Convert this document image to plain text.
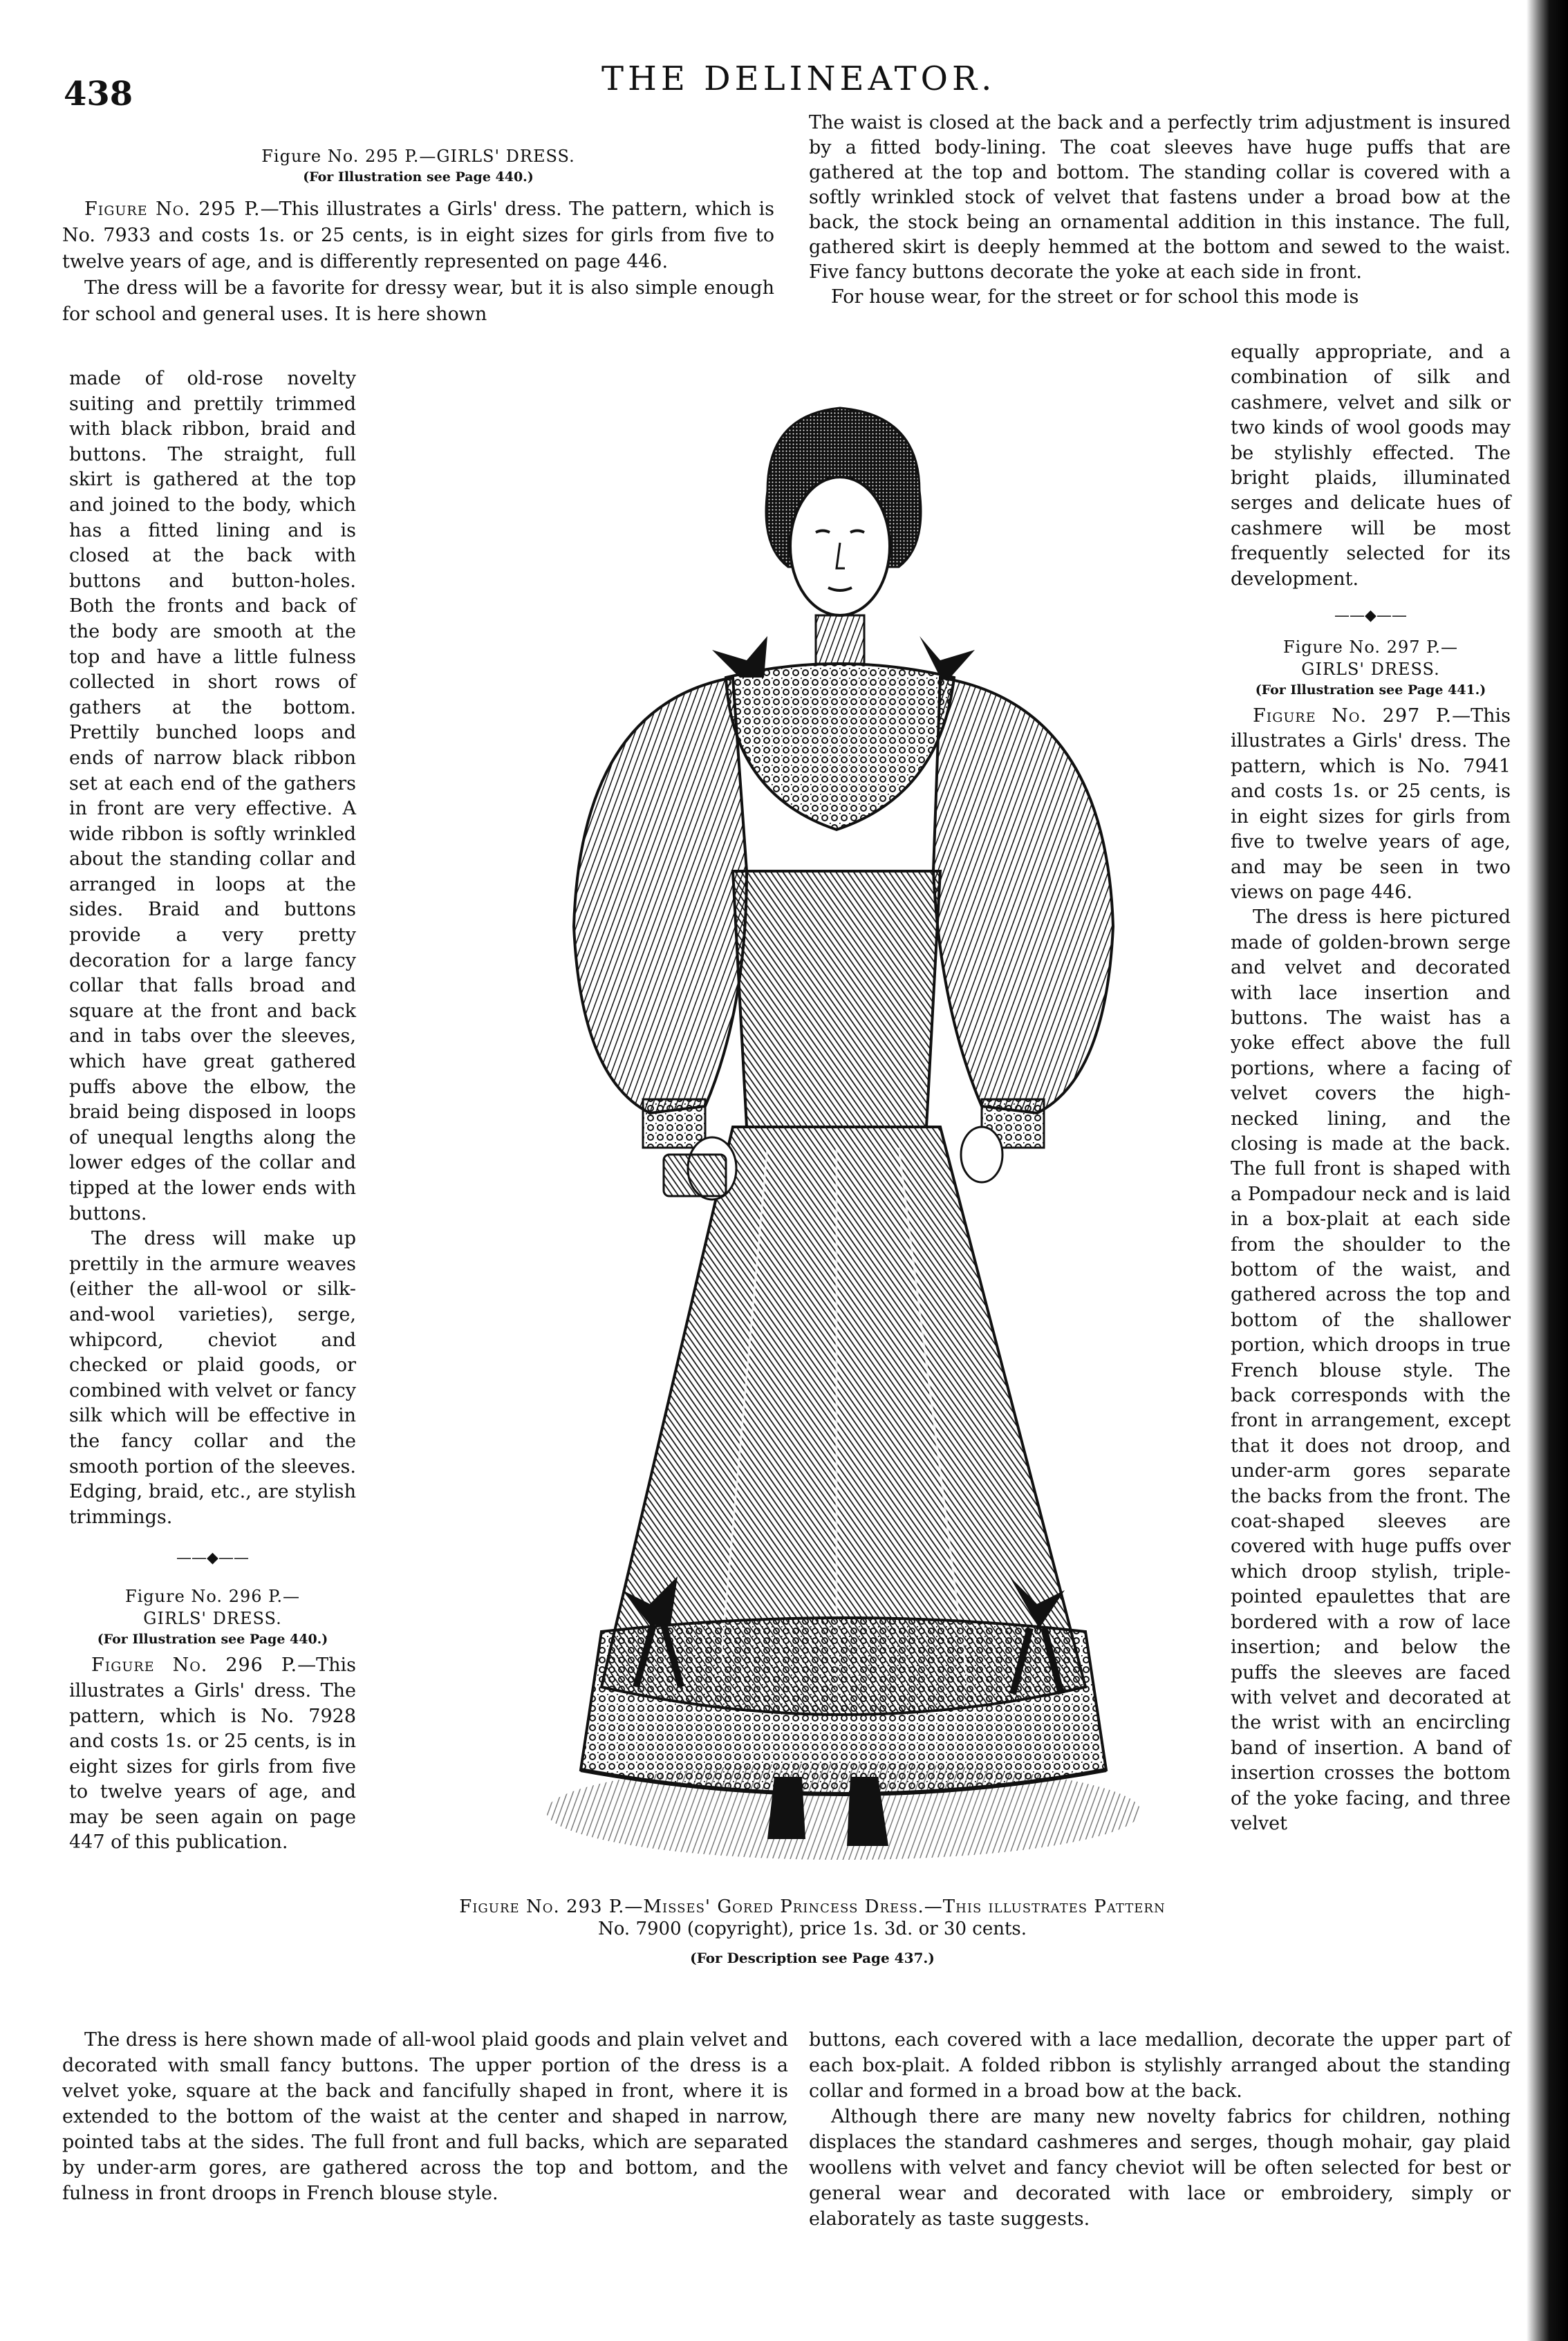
438	THE DELINEATOR.

Figure No. 295 P.—GIRLS' DRESS.

(For Illustration see Page 440.)

Figure No. 295 P.—This illustrates a Girls' dress. The pattern, which is No. 7933 and costs 1s. or 25 cents, is in eight sizes for girls from five to twelve years of age, and is differently represented on page 446.

The dress will be a favorite for dressy wear, but it is also simple enough for school and general uses. It is here shown

made of old-rose novelty suiting and prettily trimmed with black ribbon, braid and buttons. The straight, full skirt is gathered at the top and joined to the body, which has a fitted lining and is closed at the back with buttons and button-holes. Both the fronts and back of the body are smooth at the top and have a little fulness collected in short rows of gathers at the bottom. Prettily bunched loops and ends of narrow black ribbon set at each end of the gathers in front are very effective. A wide ribbon is softly wrinkled about the standing collar and arranged in loops at the sides. Braid and buttons provide a very pretty decoration for a large fancy collar that falls broad and square at the front and back and in tabs over the sleeves, which have great gathered puffs above the elbow, the braid being disposed in loops of unequal lengths along the lower edges of the collar and tipped at the lower ends with buttons.

The dress will make up prettily in the armure weaves (either the all-wool or silk-and-wool varieties), serge, whipcord, cheviot and checked or plaid goods, or combined with velvet or fancy silk which will be effective in the fancy collar and the smooth portion of the sleeves. Edging, braid, etc., are stylish trimmings.

——◆——

Figure No. 296 P.—

GIRLS' DRESS.

(For Illustration see Page 440.)

Figure No. 296 P.—This illustrates a Girls' dress. The pattern, which is No. 7928 and costs 1s. or 25 cents, is in eight sizes for girls from five to twelve years of age, and may be seen again on page 447 of this publication.

The dress is here shown made of all-wool plaid goods and plain velvet and decorated with small fancy buttons. The upper portion of the dress is a velvet yoke, square at the back and fancifully shaped in front, where it is extended to the bottom of the waist at the center and shaped in narrow, pointed tabs at the sides. The full front and full backs, which are separated by under-arm gores, are gathered across the top and bottom, and the fulness in front droops in French blouse style.

The waist is closed at the back and a perfectly trim adjustment is insured by a fitted body-lining. The coat sleeves have huge puffs that are gathered at the top and bottom. The standing collar is covered with a softly wrinkled stock of velvet that fastens under a broad bow at the back, the stock being an ornamental addition in this instance. The full, gathered skirt is deeply hemmed at the bottom and sewed to the waist. Five fancy buttons decorate the yoke at each side in front.

For house wear, for the street or for school this mode is

equally appropriate, and a combination of silk and cashmere, velvet and silk or two kinds of wool goods may be stylishly effected. The bright plaids, illuminated serges and delicate hues of cashmere will be most frequently selected for its development.

——◆——

Figure No. 297 P.—

GIRLS' DRESS.

(For Illustration see Page 441.)

Figure No. 297 P.—This illustrates a Girls' dress. The pattern, which is No. 7941 and costs 1s. or 25 cents, is in eight sizes for girls from five to twelve years of age, and may be seen in two views on page 446.

The dress is here pictured made of golden-brown serge and velvet and decorated with lace insertion and buttons. The waist has a yoke effect above the full portions, where a facing of velvet covers the high-necked lining, and the closing is made at the back. The full front is shaped with a Pompadour neck and is laid in a box-plait at each side from the shoulder to the bottom of the waist, and gathered across the top and bottom of the shallower portion, which droops in true French blouse style. The back corresponds with the front in arrangement, except that it does not droop, and under-arm gores separate the backs from the front. The coat-shaped sleeves are covered with huge puffs over which droop stylish, triple-pointed epaulettes that are bordered with a row of lace insertion; and below the puffs the sleeves are faced with velvet and decorated at the wrist with an encircling band of insertion. A band of insertion crosses the bottom of the yoke facing, and three velvet

buttons, each covered with a lace medallion, decorate the upper part of each box-plait. A folded ribbon is stylishly arranged about the standing collar and formed in a broad bow at the back.

Although there are many new novelty fabrics for children, nothing displaces the standard cashmeres and serges, though mohair, gay plaid woollens with velvet and fancy cheviot will be often selected for best or general wear and decorated with lace or embroidery, simply or elaborately as taste suggests.

Figure No. 293 P.—Misses' Gored Princess Dress.—This illustrates Pattern
No. 7900 (copyright), price 1s. 3d. or 30 cents.
(For Description see Page 437.)
